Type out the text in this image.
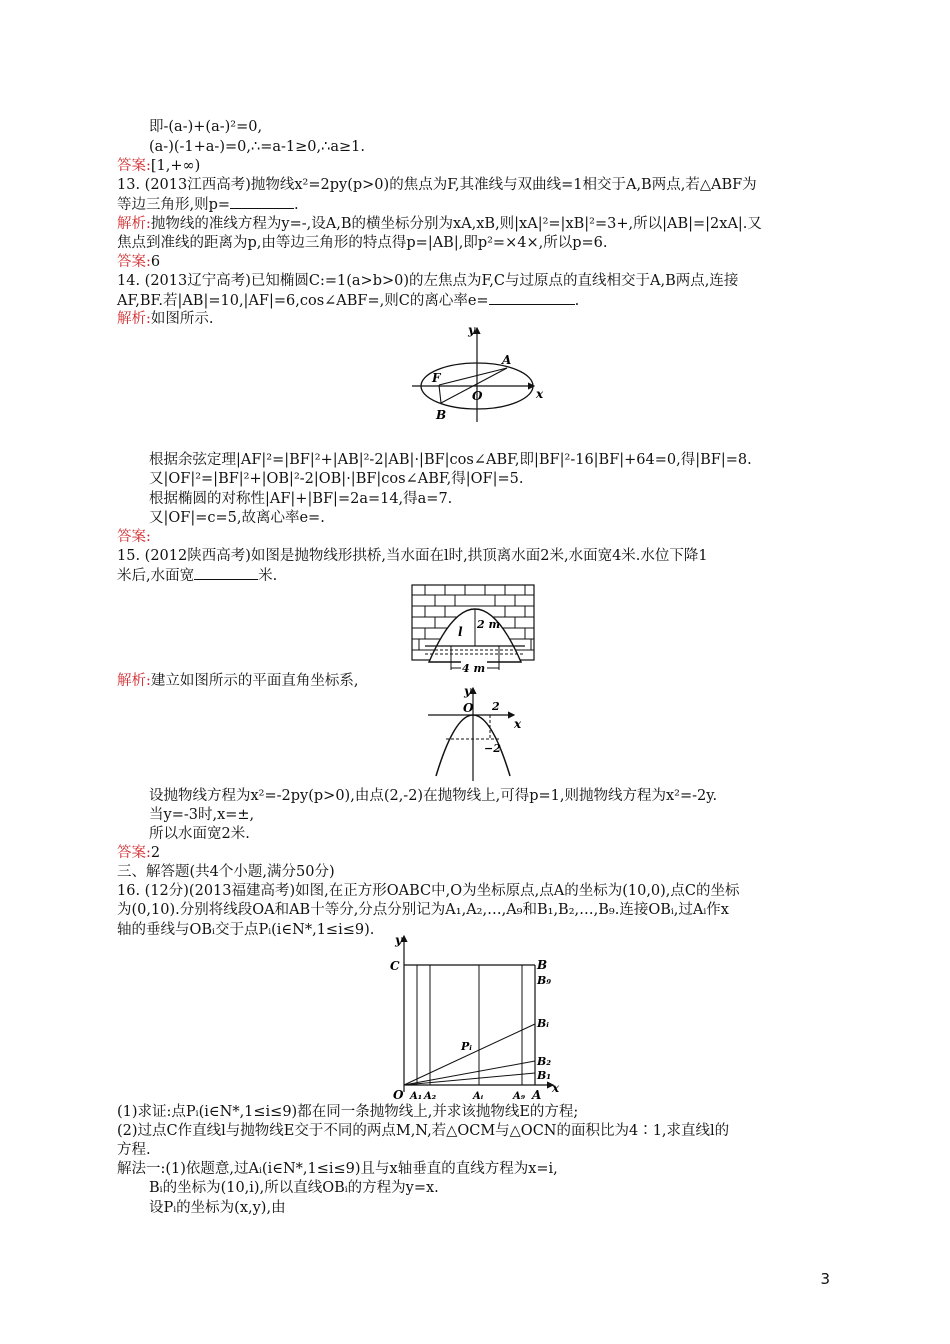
即-(a-)+(a-)²=0,
(a-)(-1+a-)=0,∴=a-1≥0,∴a≥1.
答案:[1,+∞)
13. (2013江西高考)抛物线x²=2py(p>0)的焦点为F,其准线与双曲线=1相交于A,B两点,若△ABF为
等边三角形,则p=	.
解析:抛物线的准线方程为y=-,设A,B的横坐标分别为xA,xB,则|xA|²=|xB|²=3+,所以|AB|=|2xA|.又
焦点到准线的距离为p,由等边三角形的特点得p=|AB|,即p²=×4×,所以p=6.
答案:6
14. (2013辽宁高考)已知椭圆C:=1(a>b>0)的左焦点为F,C与过原点的直线相交于A,B两点,连接
AF,BF.若|AB|=10,|AF|=6,cos∠ABF=,则C的离心率e=	.
解析:如图所示.
y
x
A
F
O
B
根据余弦定理|AF|²=|BF|²+|AB|²-2|AB|·|BF|cos∠ABF,即|BF|²-16|BF|+64=0,得|BF|=8.
又|OF|²=|BF|²+|OB|²-2|OB|·|BF|cos∠ABF,得|OF|=5.
根据椭圆的对称性|AF|+|BF|=2a=14,得a=7.
又|OF|=c=5,故离心率e=.
答案:
15. (2012陕西高考)如图是抛物线形拱桥,当水面在l时,拱顶离水面2米,水面宽4米.水位下降1
米后,水面宽	米.
2 m
l
4 m
解析:建立如图所示的平面直角坐标系,
y
O
x
2
−2
设抛物线方程为x²=-2py(p>0),由点(2,-2)在抛物线上,可得p=1,则抛物线方程为x²=-2y.
当y=-3时,x=±,
所以水面宽2米.
答案:2
三、解答题(共4个小题,满分50分)
16. (12分)(2013福建高考)如图,在正方形OABC中,O为坐标原点,点A的坐标为(10,0),点C的坐标
为(0,10).分别将线段OA和AB十等分,分点分别记为A₁,A₂,…,A₉和B₁,B₂,…,B₉.连接OBᵢ,过Aᵢ作x
轴的垂线与OBᵢ交于点Pᵢ(i∈N*,1≤i≤9).
y
C	B
B₉
Bᵢ
Pᵢ
B₂
B₁
O A₁ A₂	Aᵢ	A₉ A x
(1)求证:点Pᵢ(i∈N*,1≤i≤9)都在同一条抛物线上,并求该抛物线E的方程;
(2)过点C作直线l与抛物线E交于不同的两点M,N,若△OCM与△OCN的面积比为4∶1,求直线l的
方程.
解法一:(1)依题意,过Aᵢ(i∈N*,1≤i≤9)且与x轴垂直的直线方程为x=i,
Bᵢ的坐标为(10,i),所以直线OBᵢ的方程为y=x.
设Pᵢ的坐标为(x,y),由
3
